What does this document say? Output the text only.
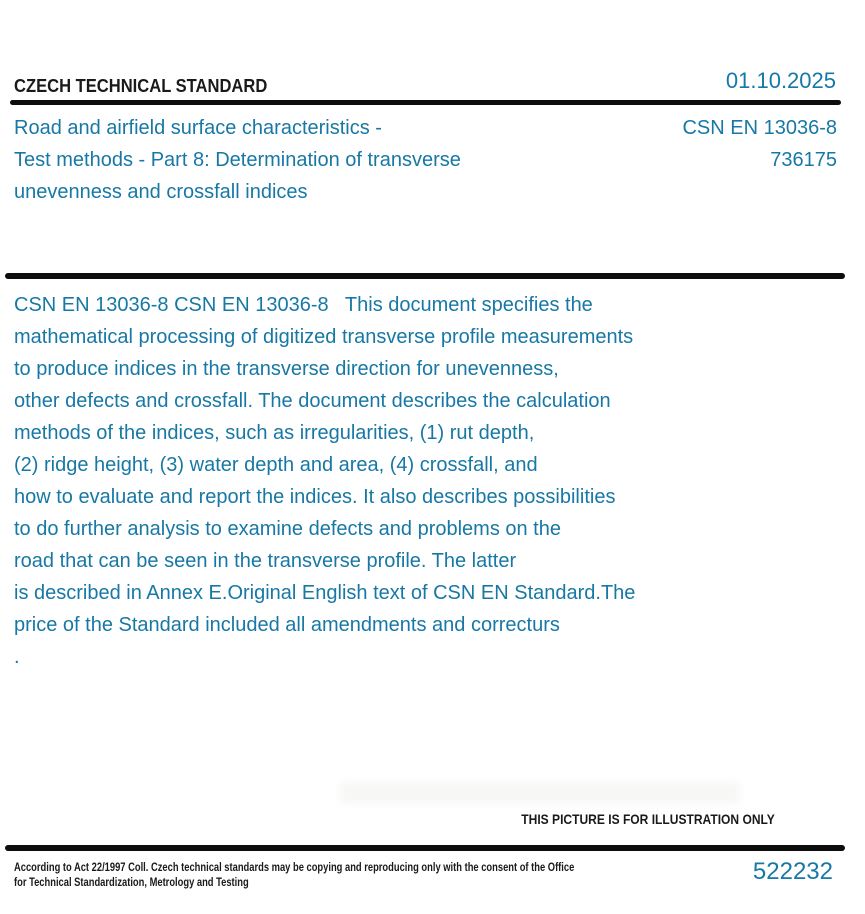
CZECH TECHNICAL STANDARD	01.10.2025
Road and airfield surface characteristics -
Test methods - Part 8: Determination of transverse
unevenness and crossfall indices
CSN EN 13036-8
736175
CSN EN 13036-8 CSN EN 13036-8   This document specifies the
mathematical processing of digitized transverse profile measurements
to produce indices in the transverse direction for unevenness,
other defects and crossfall. The document describes the calculation
methods of the indices, such as irregularities, (1) rut depth,
(2) ridge height, (3) water depth and area, (4) crossfall, and
how to evaluate and report the indices. It also describes possibilities
to do further analysis to examine defects and problems on the
road that can be seen in the transverse profile. The latter
is described in Annex E.Original English text of CSN EN Standard.The
price of the Standard included all amendments and correcturs
.
THIS PICTURE IS FOR ILLUSTRATION ONLY
According to Act 22/1997 Coll. Czech technical standards may be copying and reproducing only with the consent of the Office
for Technical Standardization, Metrology and Testing	522232
